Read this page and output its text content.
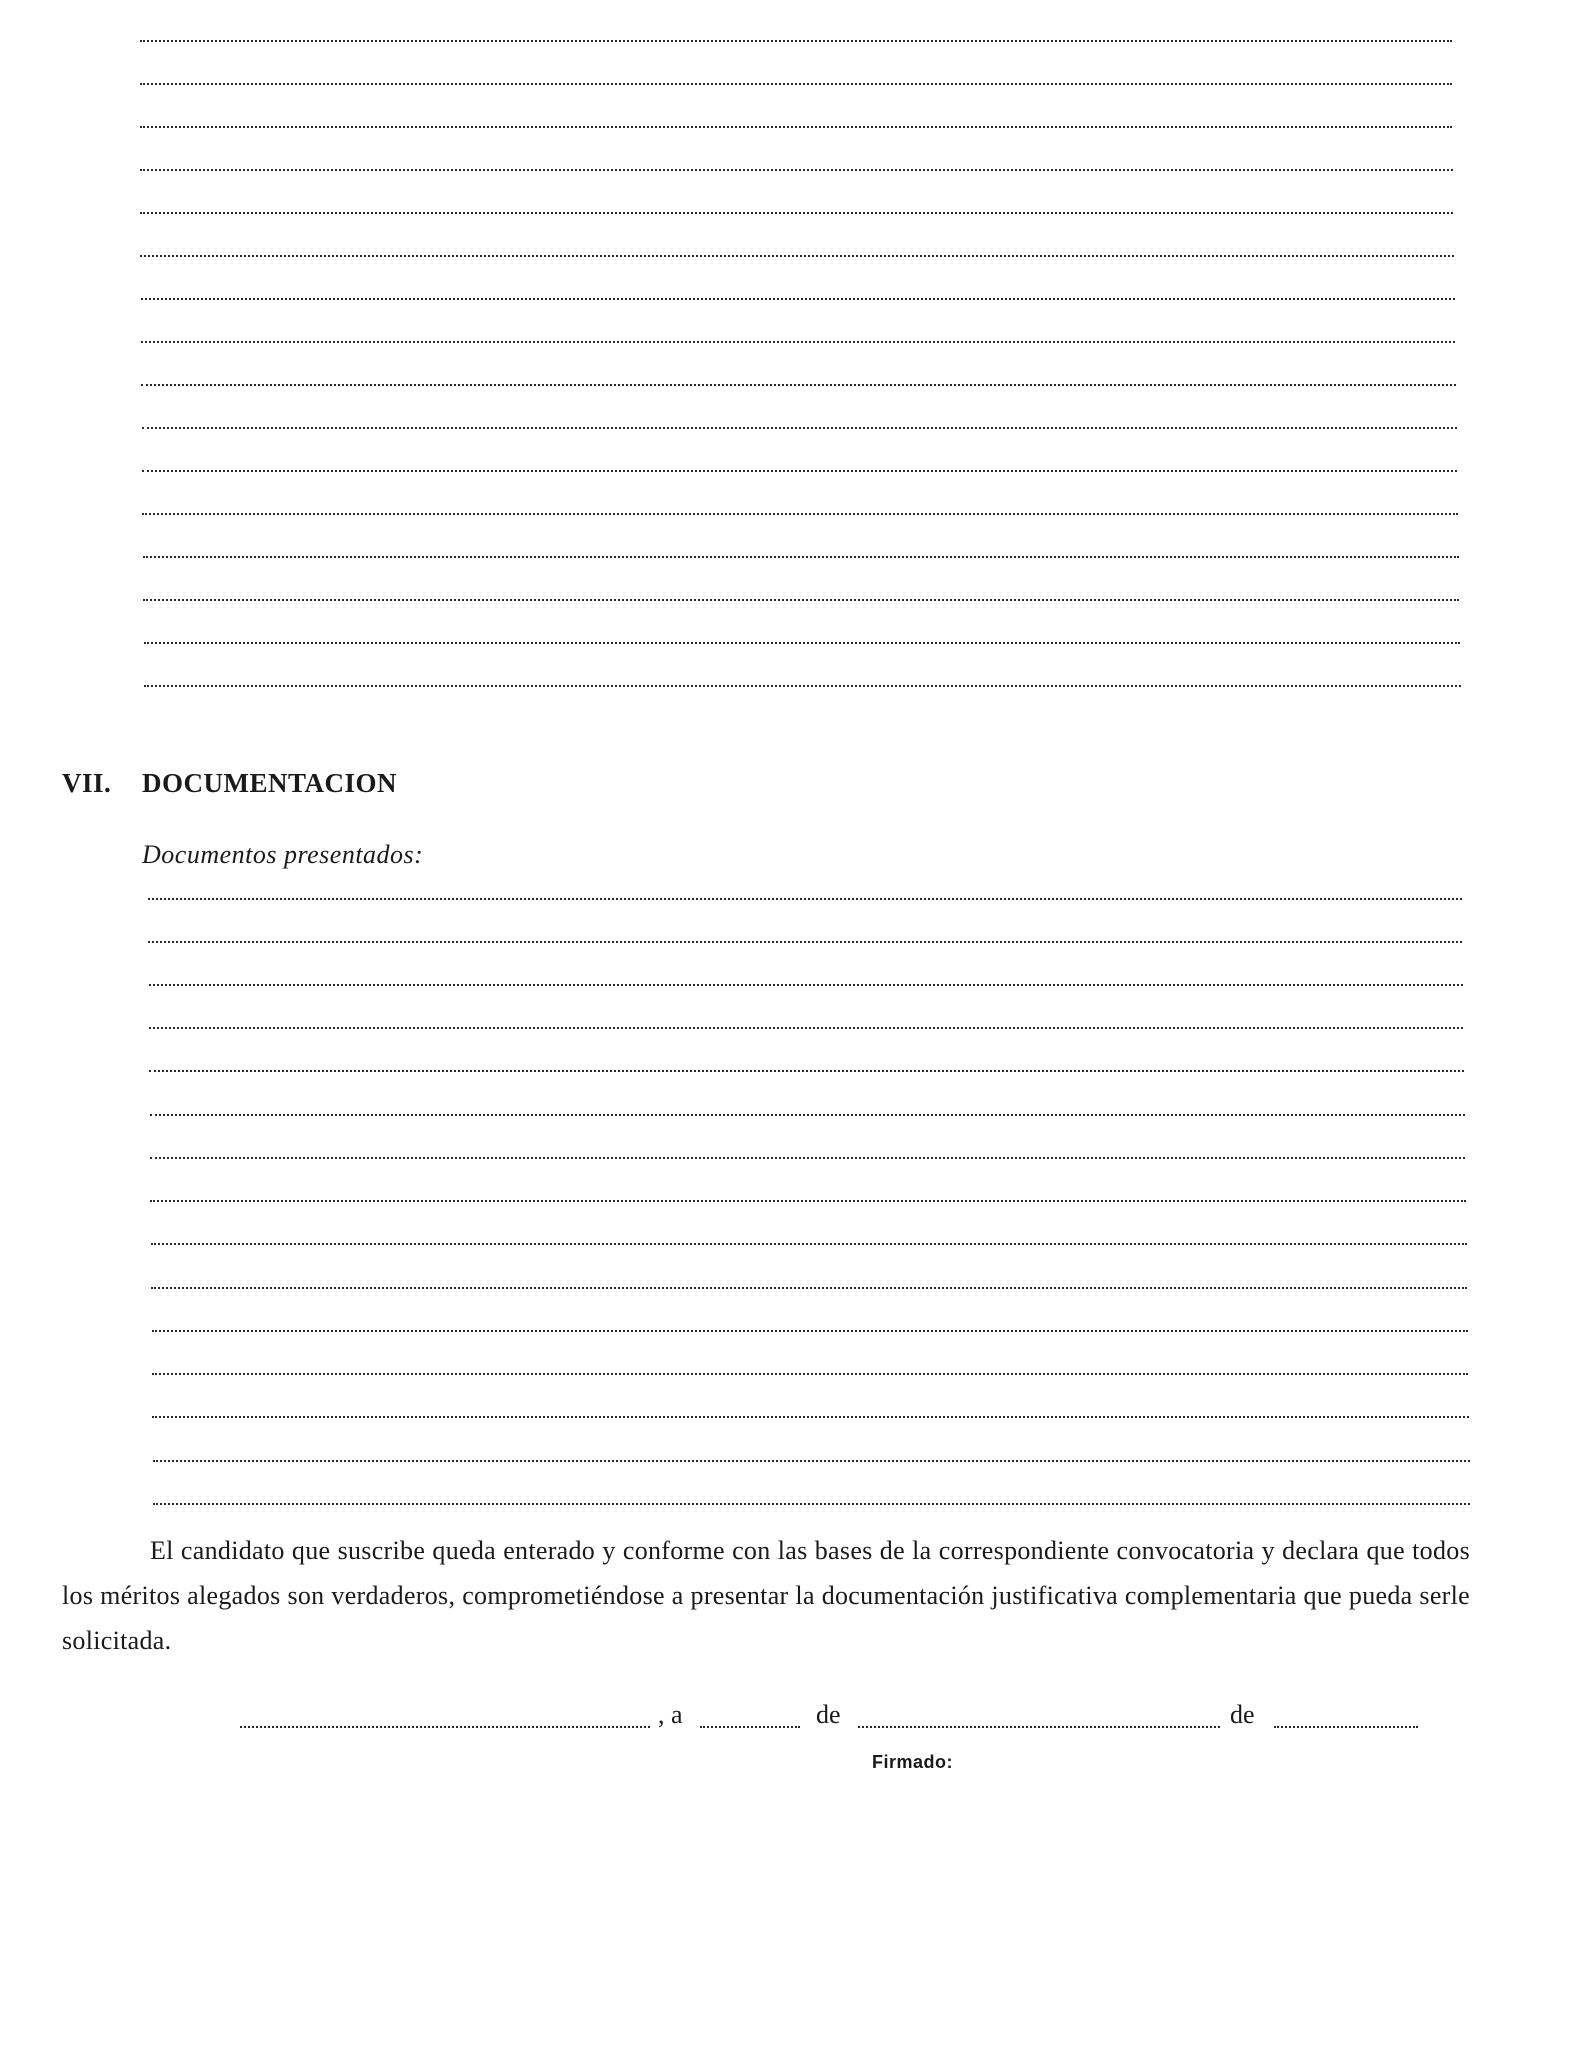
VII. DOCUMENTACION
Documentos presentados:
El candidato que suscribe queda enterado y conforme con las bases de la correspondiente convocatoria y declara que todos los méritos alegados son verdaderos, comprometiéndose a presentar la documentación justificativa complementaria que pueda serle solicitada.
, a	de	de
Firmado:
